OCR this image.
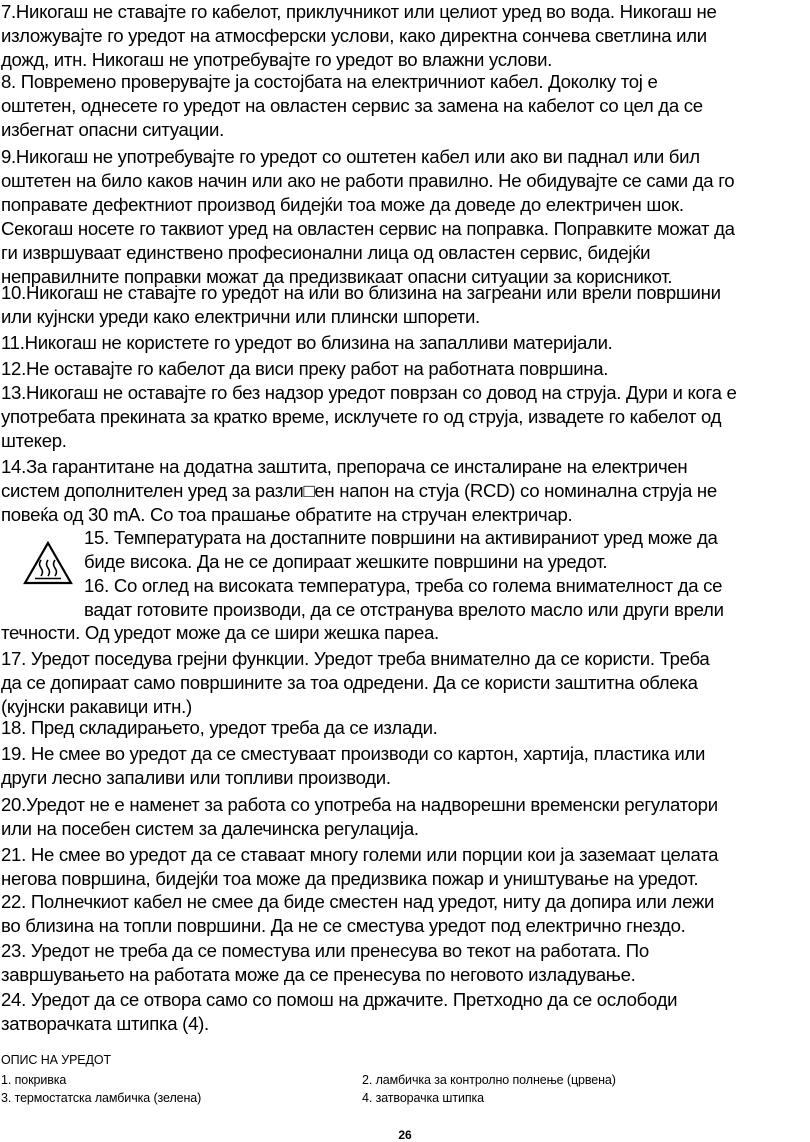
7.Никогаш не ставајте го кабелот, приклучникот или целиот уред во вода. Никогаш не
изложувајте го уредот на атмосферски услови, како директна сончева светлина или
дожд, итн. Никогаш не употребувајте го уредот во влажни услови.

8. Повремено проверувајте ја состојбата на електричниот кабел. Доколку тој е
оштетен, однесете го уредот на овластен сервис за замена на кабелот со цел да се
избегнат опасни ситуации.

9.Никогаш не употребувајте го уредот со оштетен кабел или ако ви паднал или бил
оштетен на било каков начин или ако не работи правилно. Не обидувајте се сами да го
поправате дефектниот производ бидејќи тоа може да доведе до електричен шок.
Секогаш носете го таквиот уред на овластен сервис на поправка. Поправките можат да
ги извршуваат единствено професионални лица од овластен сервис, бидејќи
неправилните поправки можат да предизвикаат опасни ситуации за корисникот.

10.Никогаш не ставајте го уредот на или во близина на загреани или врели површини
или кујнски уреди како електрични или плински шпорети.

11.Никогаш не користете го уредот во близина на запалливи материјали.

12.Не оставајте го кабелот да виси преку работ на работната површина.

13.Никогаш не оставајте го без надзор уредот поврзан со довод на струја. Дури и кога е
употребата прекината за кратко време, исклучете го од струја, извадете го кабелот од
штекер.

14.За гарантитане на додатна заштита, препорача се инсталиране на електричен
систем дополнителен уред за разли□ен напон на стуја (RCD) со номинална струја не
повеќа од 30 mA. Со тоа прашање обратите на стручан електричар.

15. Температурата на достапните површини на активираниот уред може да
биде висока. Да не се допираат жешките површини на уредот.

16. Со оглед на високата температура, треба со голема внимателност да се
вадат готовите производи, да се отстранува врелото масло или други врели

течности. Од уредот може да се шири жешка пареа.

17. Уредот поседува грејни функции. Уредот треба внимателно да се користи. Треба
да се допираат само површините за тоа одредени. Да се користи заштитна облека
(кујнски ракавици итн.)

18. Пред складирањето, уредот треба да се излади.

19. Не смее во уредот да се сместуваат производи со картон, хартија, пластика или
други лесно запаливи или топливи производи.

20.Уредот не е наменет за работа со употреба на надворешни временски регулатори
или на посебен систем за далечинска регулација.

21. Не смее во уредот да се ставаат многу големи или порции кои ја заземаат целата
негова површина, бидејќи тоа може да предизвика пожар и уништување на уредот.

22. Полнечкиот кабел не смее да биде сместен над уредот, ниту да допира или лежи
во близина на топли површини. Да не се сместува уредот под електрично гнездо.

23. Уредот не треба да се поместува или пренесува во текот на работата. По
завршувањето на работата може да се пренесува по неговото изладување.

24. Уредот да се отвора само со помош на држачите. Претходно да се ослободи
затворачката штипка (4).

ОПИС НА УРЕДОТ
1. покривка	2. ламбичка за контролно полнење (црвена)
3. термостатска ламбичка (зелена)	4. затворачка штипка
26
